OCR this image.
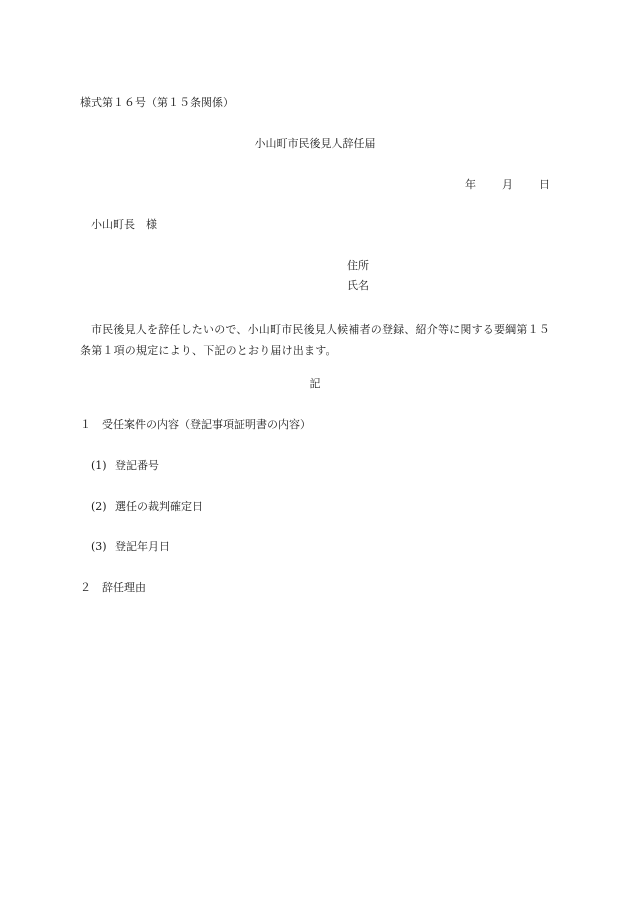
様式第１６号（第１５条関係）
小山町市民後見人辞任届
年 月 日
小山町長　様
住所
氏名
市民後見人を辞任したいので、小山町市民後見人候補者の登録、紹介等に関する要綱第１５条第１項の規定により、下記のとおり届け出ます。
記
１ 受任案件の内容（登記事項証明書の内容）
(1) 登記番号
(2) 選任の裁判確定日
(3) 登記年月日
２ 辞任理由
